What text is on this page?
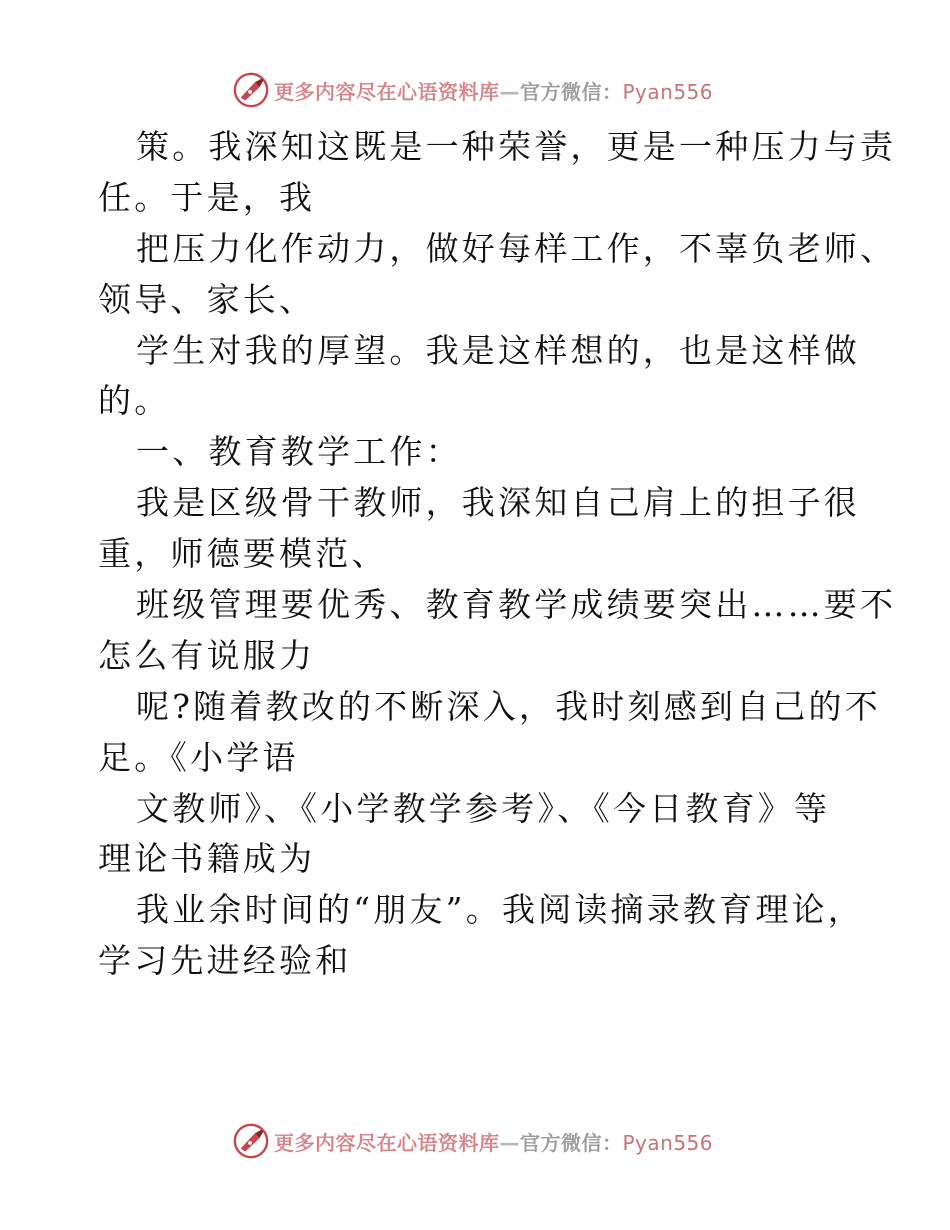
更多内容尽在心语资料库—官方微信：Pyan556
策。我深知这既是一种荣誉，更是一种压力与责
任。于是，我
把压力化作动力，做好每样工作，不辜负老师、
领导、家长、
学生对我的厚望。我是这样想的，也是这样做
的。
一、教育教学工作：
我是区级骨干教师，我深知自己肩上的担子很
重，师德要模范、
班级管理要优秀、教育教学成绩要突出……要不
怎么有说服力
呢?随着教改的不断深入，我时刻感到自己的不
足。《小学语
文教师》、《小学教学参考》、《今日教育》等
理论书籍成为
我业余时间的“朋友”。我阅读摘录教育理论，
学习先进经验和
更多内容尽在心语资料库—官方微信：Pyan556
